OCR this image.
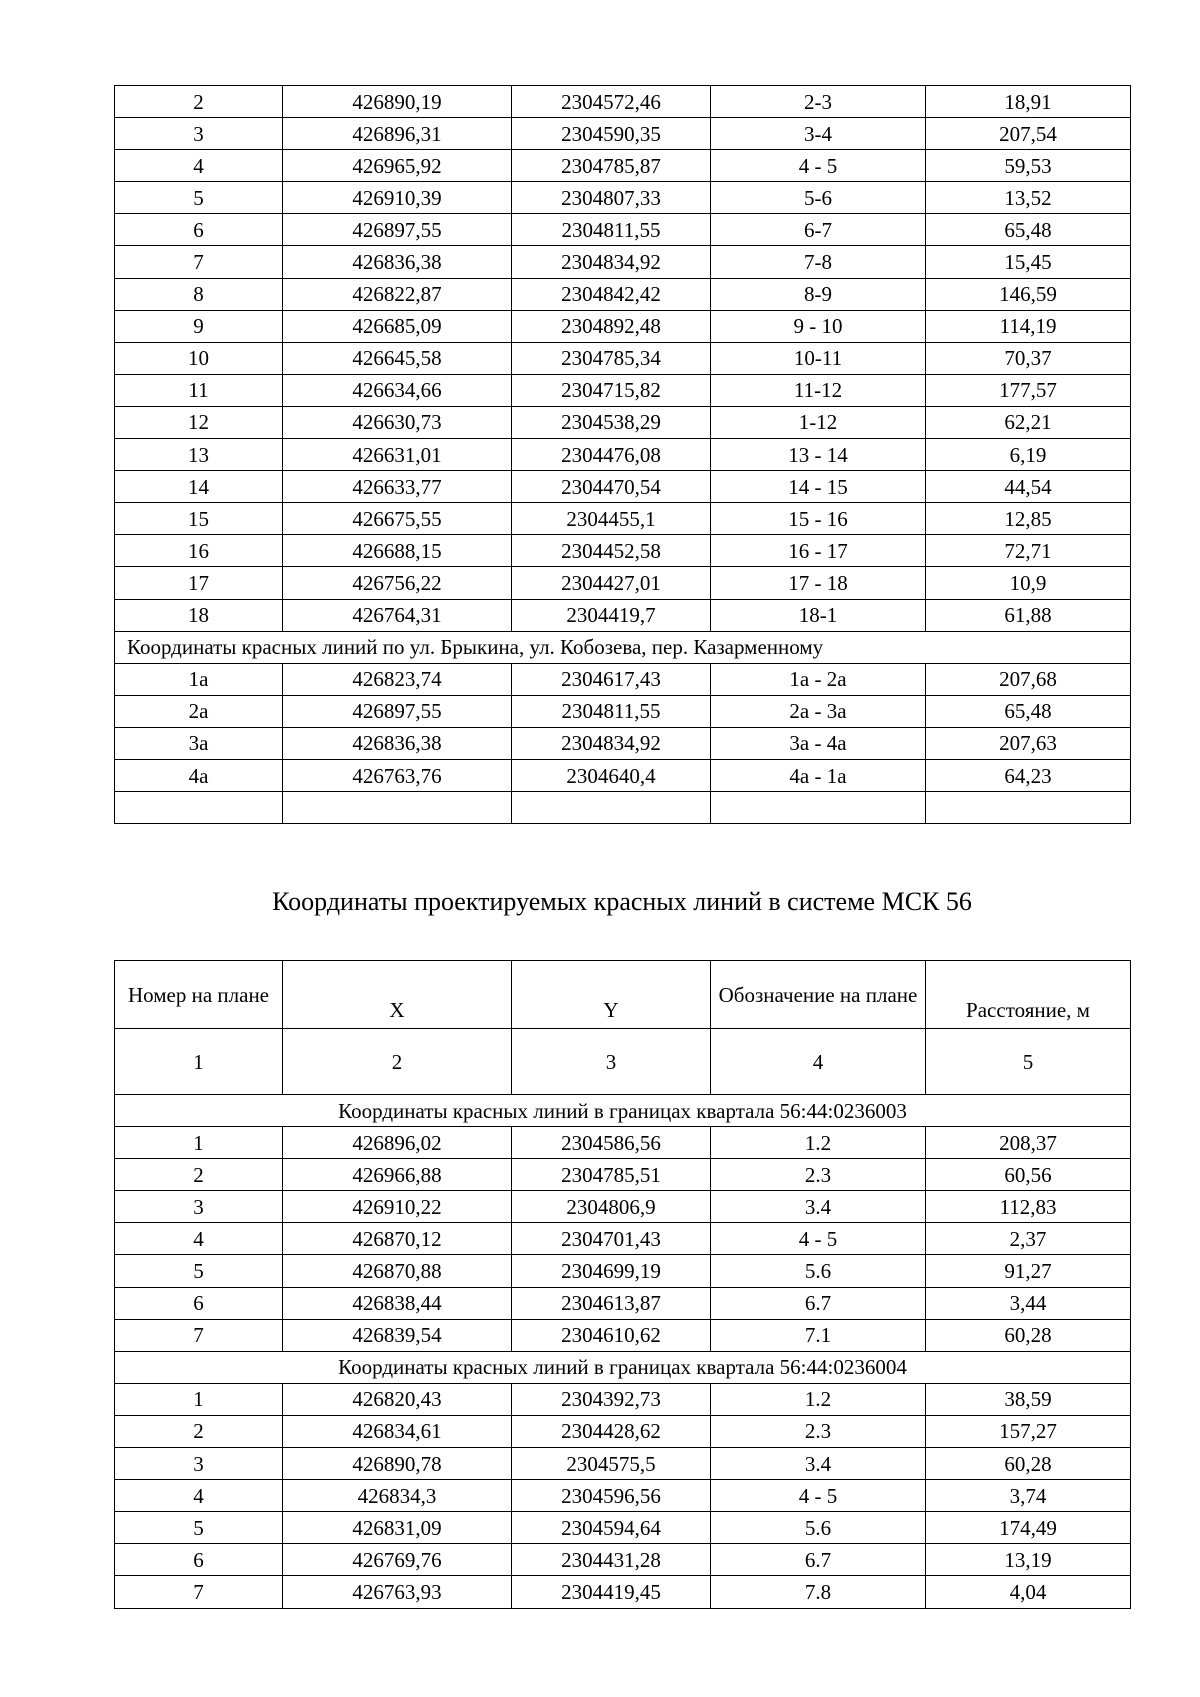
2	426890,19	2304572,46	2-3	18,91
3	426896,31	2304590,35	3-4	207,54
4	426965,92	2304785,87	4 - 5	59,53
5	426910,39	2304807,33	5-6	13,52
6	426897,55	2304811,55	6-7	65,48
7	426836,38	2304834,92	7-8	15,45
8	426822,87	2304842,42	8-9	146,59
9	426685,09	2304892,48	9 - 10	114,19
10	426645,58	2304785,34	10-11	70,37
11	426634,66	2304715,82	11-12	177,57
12	426630,73	2304538,29	1-12	62,21
13	426631,01	2304476,08	13 - 14	6,19
14	426633,77	2304470,54	14 - 15	44,54
15	426675,55	2304455,1	15 - 16	12,85
16	426688,15	2304452,58	16 - 17	72,71
17	426756,22	2304427,01	17 - 18	10,9
18	426764,31	2304419,7	18-1	61,88
Координаты красных линий по ул. Брыкина, ул. Кобозева, пер. Казарменному				
1а	426823,74	2304617,43	1а - 2а	207,68
2а	426897,55	2304811,55	2а - 3а	65,48
3а	426836,38	2304834,92	3а - 4а	207,63
4а	426763,76	2304640,4	4а - 1а	64,23

Координаты проектируемых красных линий в системе МСК 56
Номер на плане	X	Y	Обозначение на плане	Расстояние, м
1	2	3	4	5
Координаты красных линий в границах квартала 56:44:0236003				
1	426896,02	2304586,56	1.2	208,37
2	426966,88	2304785,51	2.3	60,56
3	426910,22	2304806,9	3.4	112,83
4	426870,12	2304701,43	4 - 5	2,37
5	426870,88	2304699,19	5.6	91,27
6	426838,44	2304613,87	6.7	3,44
7	426839,54	2304610,62	7.1	60,28
Координаты красных линий в границах квартала 56:44:0236004				
1	426820,43	2304392,73	1.2	38,59
2	426834,61	2304428,62	2.3	157,27
3	426890,78	2304575,5	3.4	60,28
4	426834,3	2304596,56	4 - 5	3,74
5	426831,09	2304594,64	5.6	174,49
6	426769,76	2304431,28	6.7	13,19
7	426763,93	2304419,45	7.8	4,04
